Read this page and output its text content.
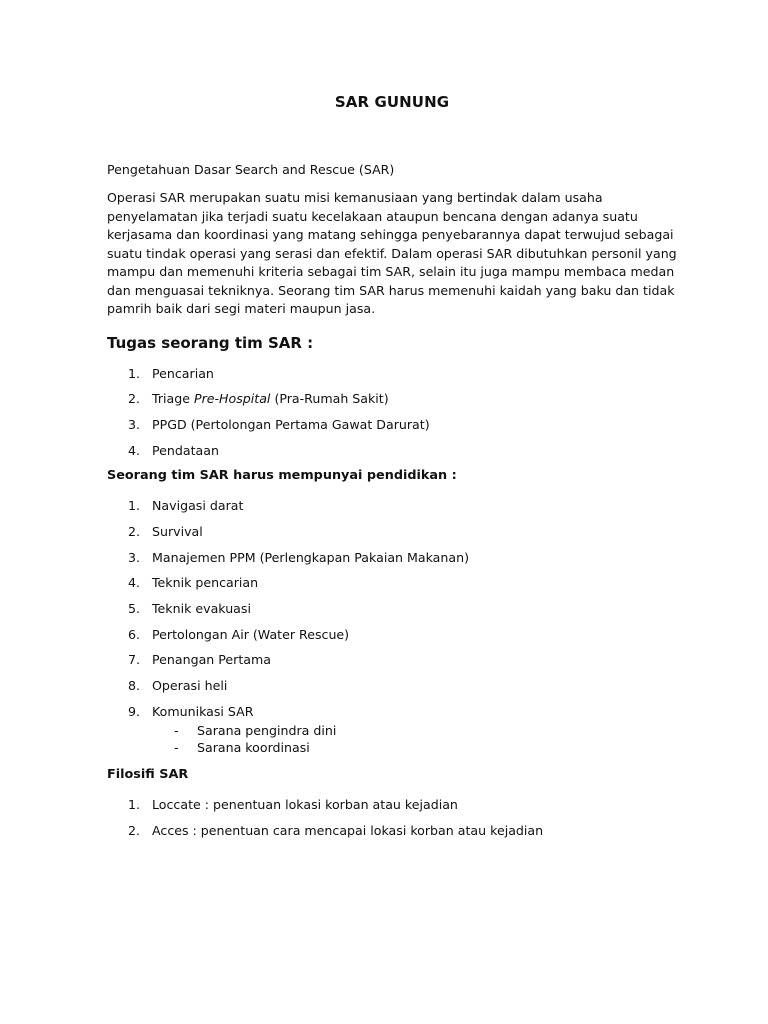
SAR GUNUNG

Pengetahuan Dasar Search and Rescue (SAR)

Operasi SAR merupakan suatu misi kemanusiaan yang bertindak dalam usaha penyelamatan jika terjadi suatu kecelakaan ataupun bencana dengan adanya suatu kerjasama dan koordinasi yang matang sehingga penyebarannya dapat terwujud sebagai suatu tindak operasi yang serasi dan efektif. Dalam operasi SAR dibutuhkan personil yang mampu dan memenuhi kriteria sebagai tim SAR, selain itu juga mampu membaca medan dan menguasai tekniknya. Seorang tim SAR harus memenuhi kaidah yang baku dan tidak pamrih baik dari segi materi maupun jasa.

Tugas seorang tim SAR :
1. Pencarian
2. Triage Pre-Hospital (Pra-Rumah Sakit)
3. PPGD (Pertolongan Pertama Gawat Darurat)
4. Pendataan
Seorang tim SAR harus mempunyai pendidikan :
1. Navigasi darat
2. Survival
3. Manajemen PPM (Perlengkapan Pakaian Makanan)
4. Teknik pencarian
5. Teknik evakuasi
6. Pertolongan Air (Water Rescue)
7. Penangan Pertama
8. Operasi heli
9. Komunikasi SAR
- Sarana pengindra dini
- Sarana koordinasi
Filosifi SAR
1. Loccate : penentuan lokasi korban atau kejadian
2. Acces : penentuan cara mencapai lokasi korban atau kejadian
